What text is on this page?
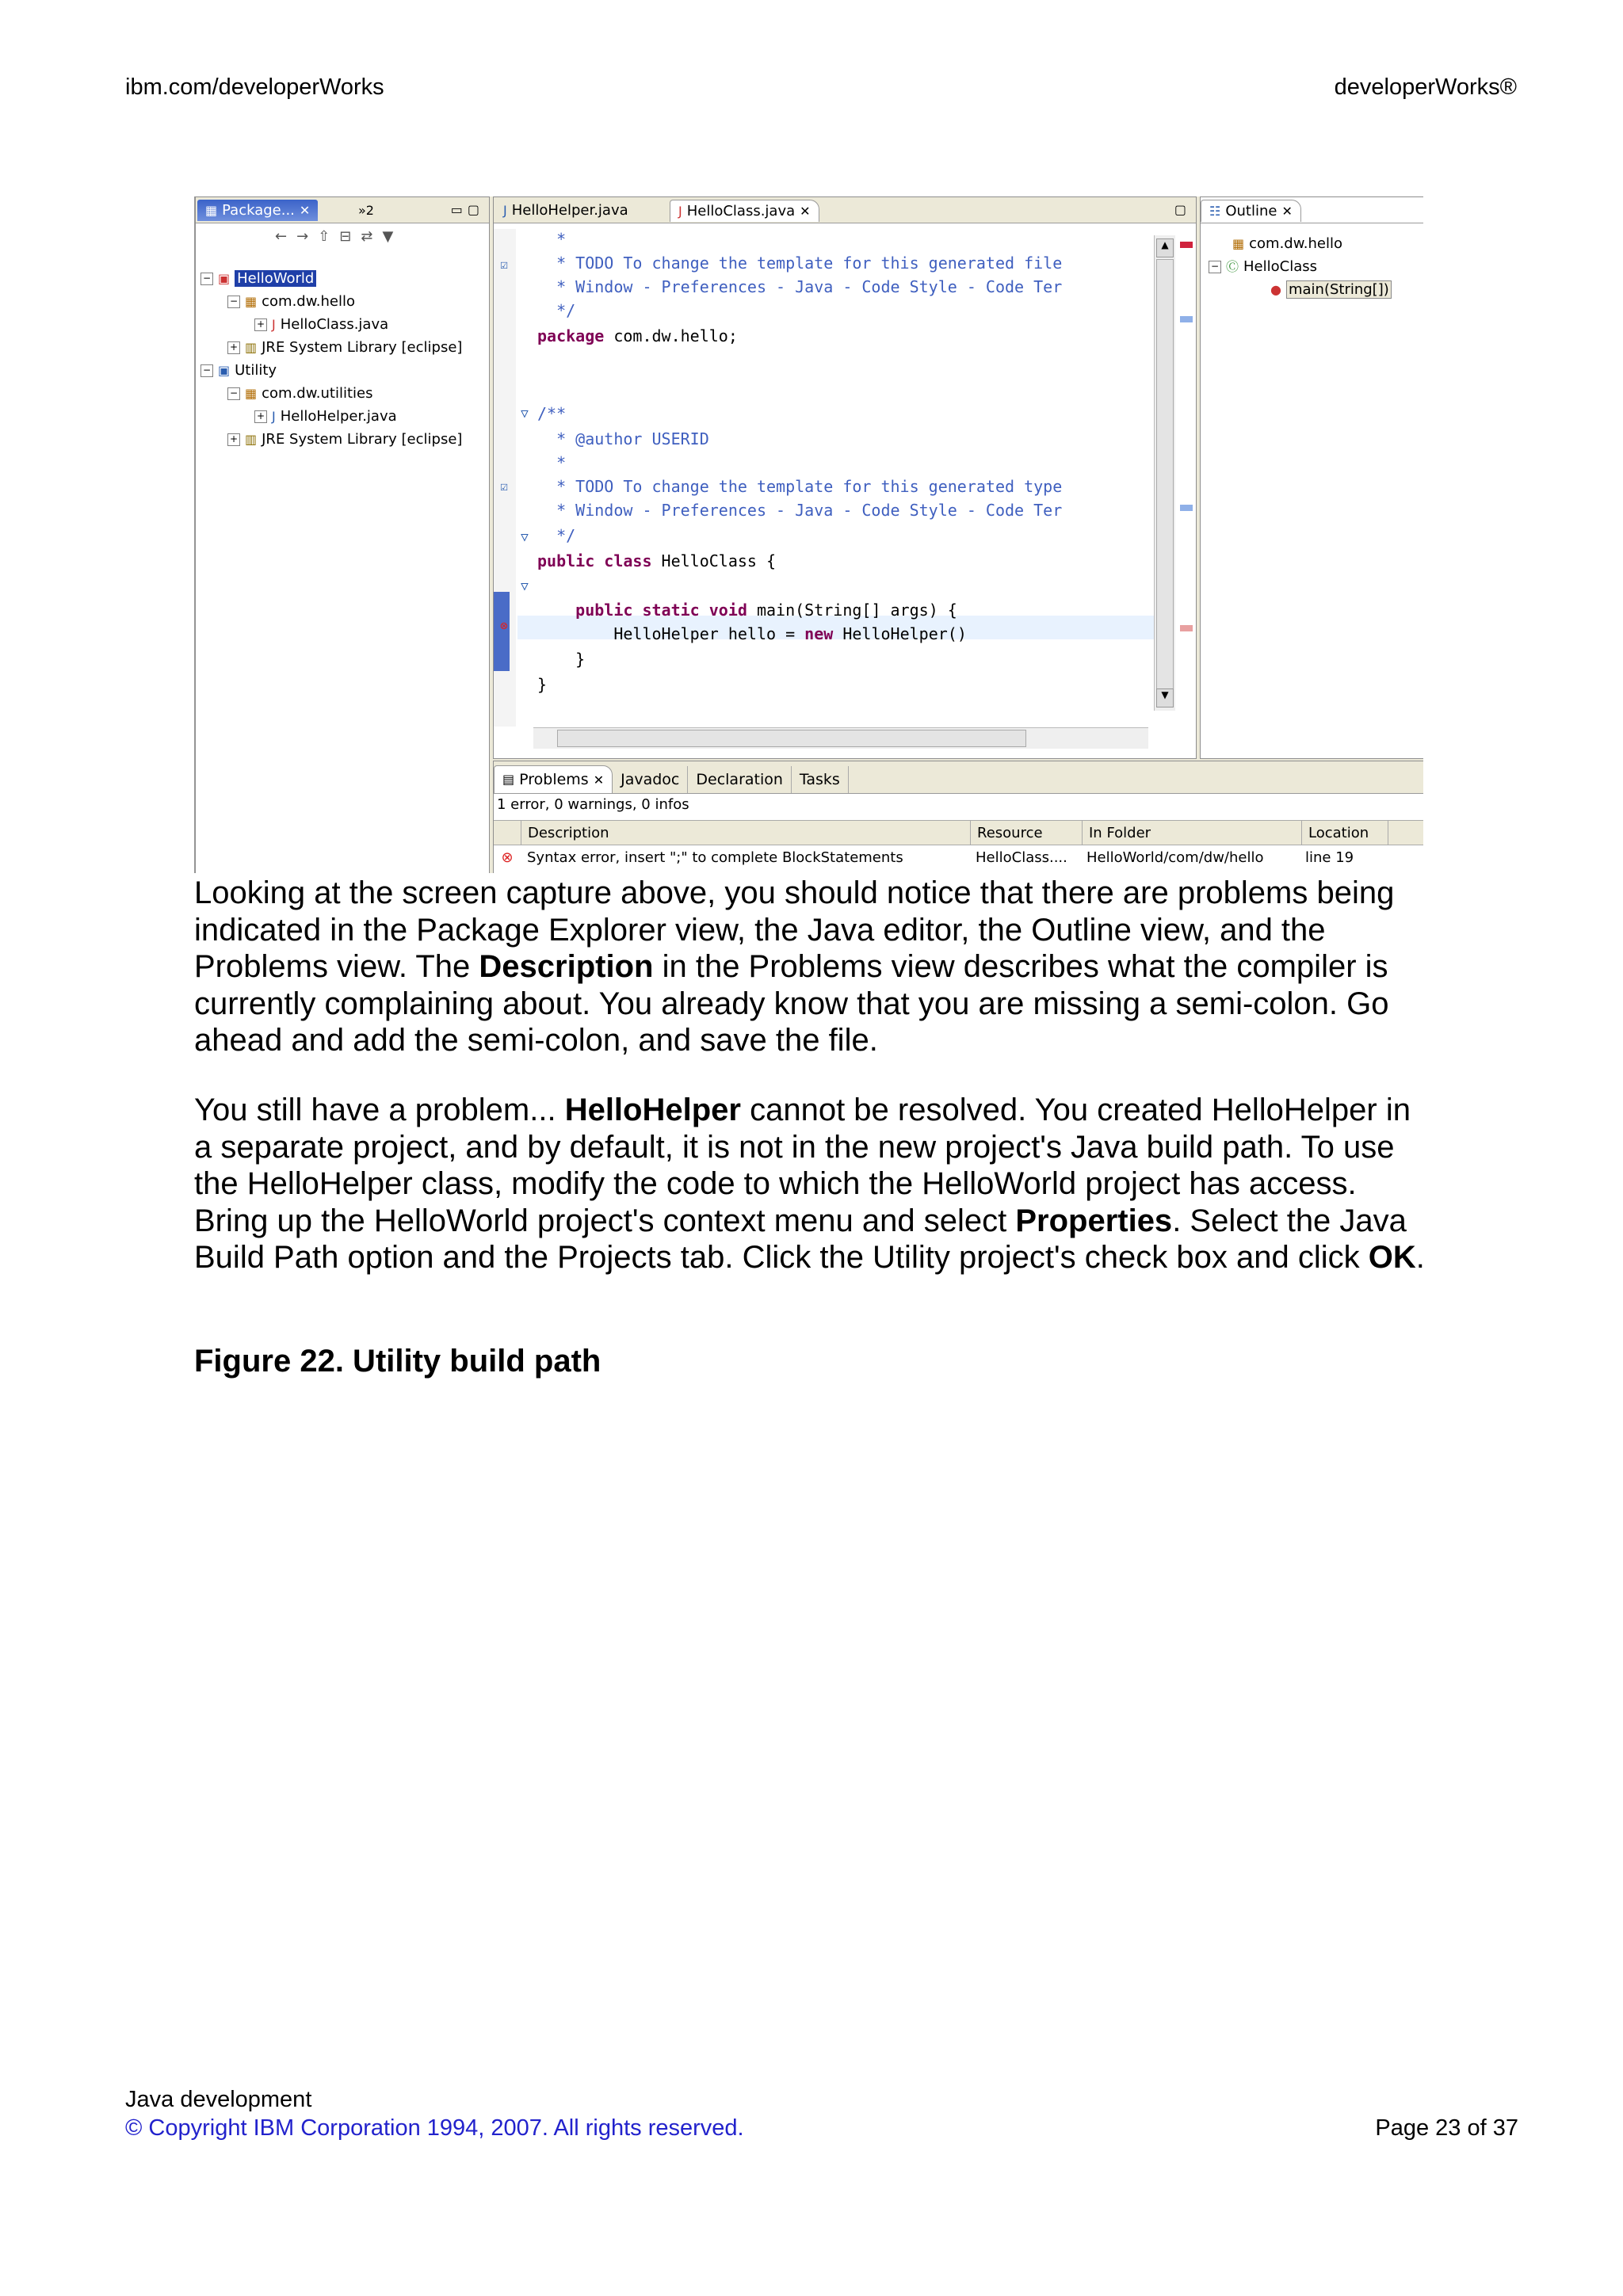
ibm.com/developerWorks	developerWorks®
▦ Package... ✕	»2	▭▢
← → ⇧ ⊟ ⇄ ▼
− ▣ HelloWorld
− ▦ com.dw.hello
+ J HelloClass.java
+ ▥ JRE System Library [eclipse]
− ▣ Utility
− ▦ com.dw.utilities
+ J HelloHelper.java
+ ▥ JRE System Library [eclipse]
J HelloHelper.java	J HelloClass.java ✕	▢
☑
☑
⊗
▽
▽
▽
*
* TODO To change the template for this generated file
* Window - Preferences - Java - Code Style - Code Ter
*/
package com.dw.hello;
/**
* @author USERID
*
* TODO To change the template for this generated type
* Window - Preferences - Java - Code Style - Code Ter
*/
public class HelloClass {
public static void main(String[] args) {
HelloHelper hello = new HelloHelper()
}
}
▲
▼
☷ Outline ✕
▦ com.dw.hello
− Ⓒ HelloClass
● main(String[])
▤ Problems ✕	Javadoc	Declaration	Tasks
1 error, 0 warnings, 0 infos
Description	Resource	In Folder	Location
⊗ Syntax error, insert ";" to complete BlockStatements	HelloClass....	HelloWorld/com/dw/hello	line 19
Looking at the screen capture above, you should notice that there are problems being indicated in the Package Explorer view, the Java editor, the Outline view, and the Problems view. The Description in the Problems view describes what the compiler is currently complaining about. You already know that you are missing a semi-colon. Go ahead and add the semi-colon, and save the file.
You still have a problem... HelloHelper cannot be resolved. You created HelloHelper in a separate project, and by default, it is not in the new project's Java build path. To use the HelloHelper class, modify the code to which the HelloWorld project has access. Bring up the HelloWorld project's context menu and select Properties. Select the Java Build Path option and the Projects tab. Click the Utility project's check box and click OK.
Figure 22. Utility build path
Java development
© Copyright IBM Corporation 1994, 2007. All rights reserved.	Page 23 of 37
